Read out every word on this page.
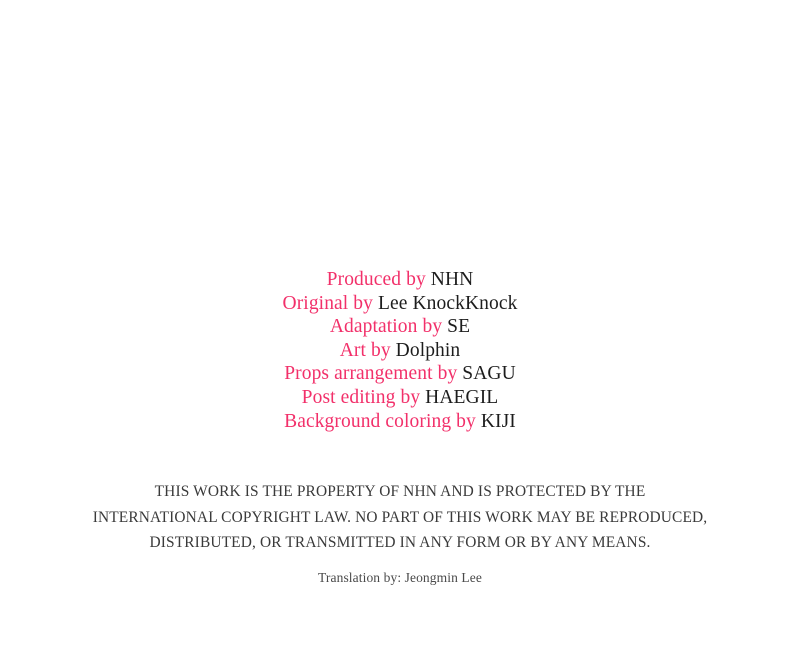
Produced by NHN
Original by Lee KnockKnock
Adaptation by SE
Art by Dolphin
Props arrangement by SAGU
Post editing by HAEGIL
Background coloring by KIJI
THIS WORK IS THE PROPERTY OF NHN AND IS PROTECTED BY THE
INTERNATIONAL COPYRIGHT LAW. NO PART OF THIS WORK MAY BE REPRODUCED,
DISTRIBUTED, OR TRANSMITTED IN ANY FORM OR BY ANY MEANS.
Translation by: Jeongmin Lee
